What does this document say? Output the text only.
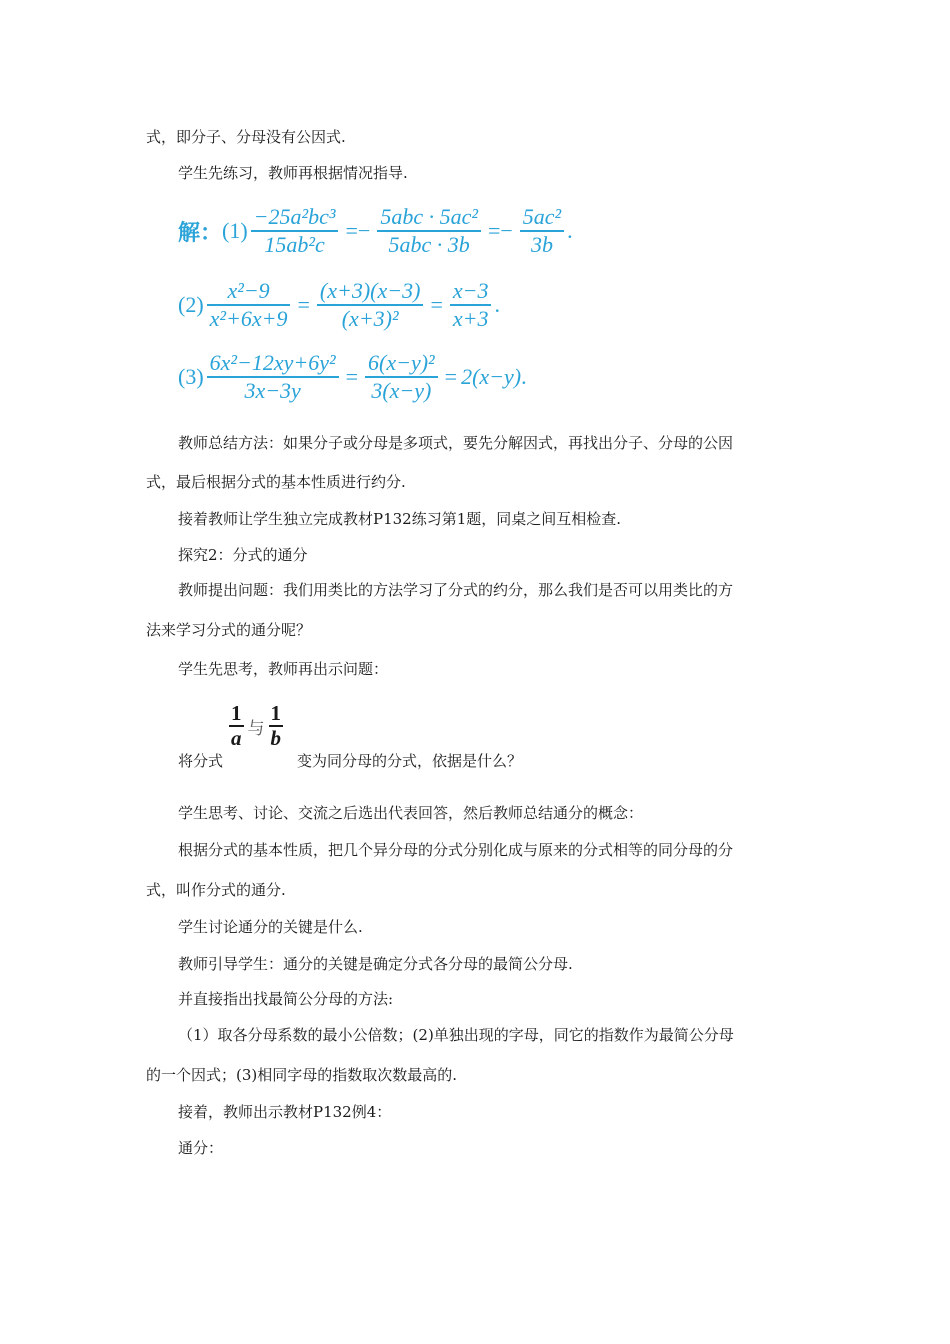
式，即分子、分母没有公因式.
学生先练习，教师再根据情况指导.
解： $(1) \frac{\text{−25a²bc³}}{\text{15ab²c}} =- \frac{\text{5abc · 5ac²}}{\text{5abc · 3b}} =- \frac{\text{5ac²}}{3b}$ .
$(2) \frac{\text{x²−9}}{\text{x²+6x+9}} = \frac{(x+3)(x-3)}{\text{(x+3)²}} = \frac{x-3}{x+3}$ .
$(3) \frac{\text{6x²−12xy+6y²}}{3x-3y} = \frac{\text{6(x−y)²}}{3(x-y)} = 2(x-y)$ .
教师总结方法：如果分子或分母是多项式，要先分解因式，再找出分子、分母的公因
式，最后根据分式的基本性质进行约分.
接着教师让学生独立完成教材P132练习第1题，同桌之间互相检查.
探究2：分式的通分
教师提出问题：我们用类比的方法学习了分式的约分，那么我们是否可以用类比的方
法来学习分式的通分呢？
学生先思考，教师再出示问题：
将分式
$\frac{1}{a}$ 与 $\frac{1}{b}$
变为同分母的分式，依据是什么？
学生思考、讨论、交流之后选出代表回答，然后教师总结通分的概念：
根据分式的基本性质，把几个异分母的分式分别化成与原来的分式相等的同分母的分
式，叫作分式的通分.
学生讨论通分的关键是什么.
教师引导学生：通分的关键是确定分式各分母的最简公分母.
并直接指出找最简公分母的方法:
（1）取各分母系数的最小公倍数；(2)单独出现的字母，同它的指数作为最简公分母
的一个因式；(3)相同字母的指数取次数最高的.
接着，教师出示教材P132例4：
通分：
